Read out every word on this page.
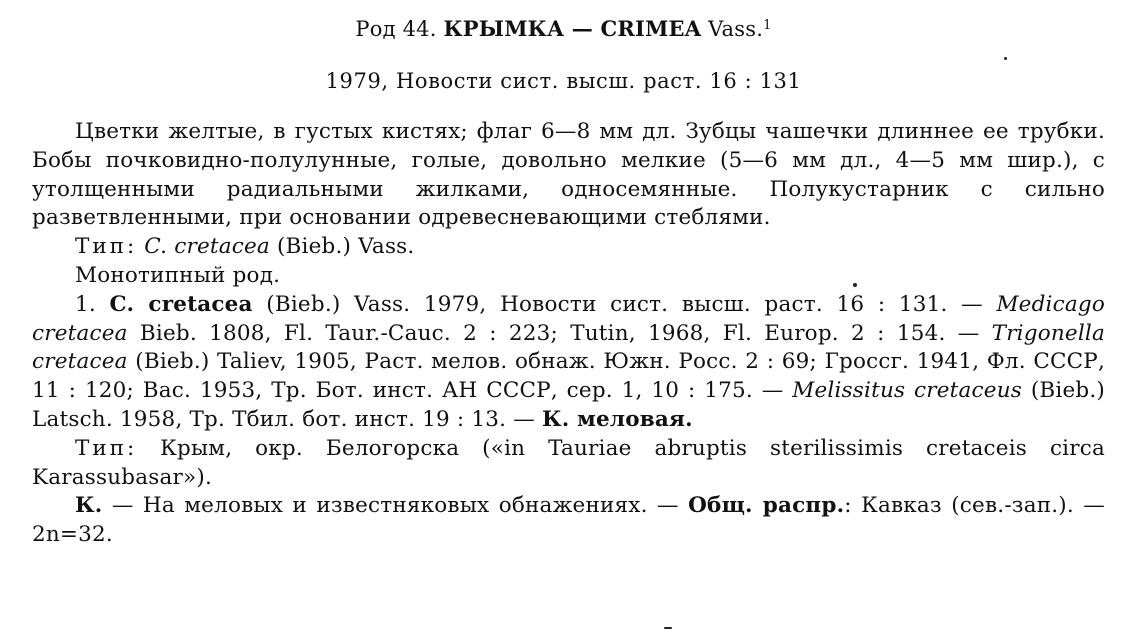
Род 44. КРЫМКА — CRIMEA Vass.$^1$
1979, Новости сист. высш. раст. 16 : 131

Цветки желтые, в густых кистях; флаг 6—8 мм дл. Зубцы чашечки длиннее ее трубки. Бобы почковидно-полулунные, голые, довольно мелкие (5—6 мм дл., 4—5 мм шир.), с утолщенными радиальными жилками, односемянные. Полукустарник с сильно разветвленными, при основании одревесневающими стеблями.

Тип: C. cretacea (Bieb.) Vass.

Монотипный род.

1. C. cretacea (Bieb.) Vass. 1979, Новости сист. высш. раст. 16 : 131. — Medicago cretacea Bieb. 1808, Fl. Taur.-Cauc. 2 : 223; Tutin, 1968, Fl. Europ. 2 : 154. — Trigonella cretacea (Bieb.) Taliev, 1905, Раст. мелов. обнаж. Южн. Росс. 2 : 69; Гроссг. 1941, Фл. СССР, 11 : 120; Вас. 1953, Тр. Бот. инст. АН СССР, сер. 1, 10 : 175. — Melissitus cretaceus (Bieb.) Latsch. 1958, Тр. Тбил. бот. инст. 19 : 13. — К. меловая.

Тип: Крым, окр. Белогорска («in Tauriae abruptis sterilissimis cretaceis circa Karassubasar»).

К. — На меловых и известняковых обнажениях. — Общ. распр.: Кавказ (сев.-зап.). — 2n=32.
